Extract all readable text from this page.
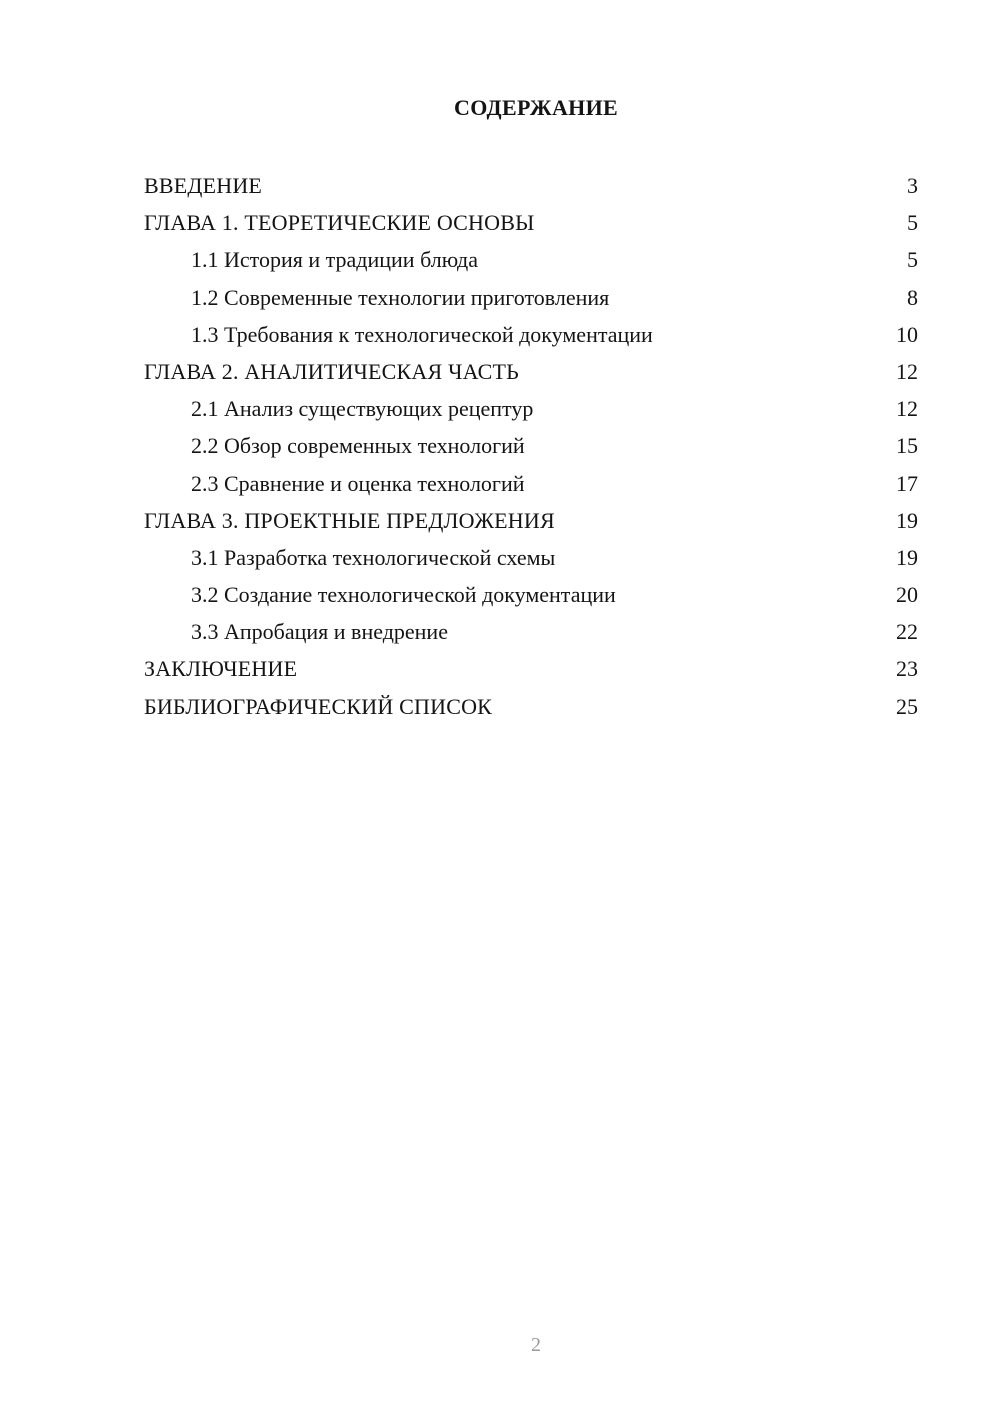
СОДЕРЖАНИЕ
ВВЕДЕНИЕ	3
ГЛАВА 1. ТЕОРЕТИЧЕСКИЕ ОСНОВЫ	5
1.1 История и традиции блюда	5
1.2 Современные технологии приготовления	8
1.3 Требования к технологической документации	10
ГЛАВА 2. АНАЛИТИЧЕСКАЯ ЧАСТЬ	12
2.1 Анализ существующих рецептур	12
2.2 Обзор современных технологий	15
2.3 Сравнение и оценка технологий	17
ГЛАВА 3. ПРОЕКТНЫЕ ПРЕДЛОЖЕНИЯ	19
3.1 Разработка технологической схемы	19
3.2 Создание технологической документации	20
3.3 Апробация и внедрение	22
ЗАКЛЮЧЕНИЕ	23
БИБЛИОГРАФИЧЕСКИЙ СПИСОК	25
2
